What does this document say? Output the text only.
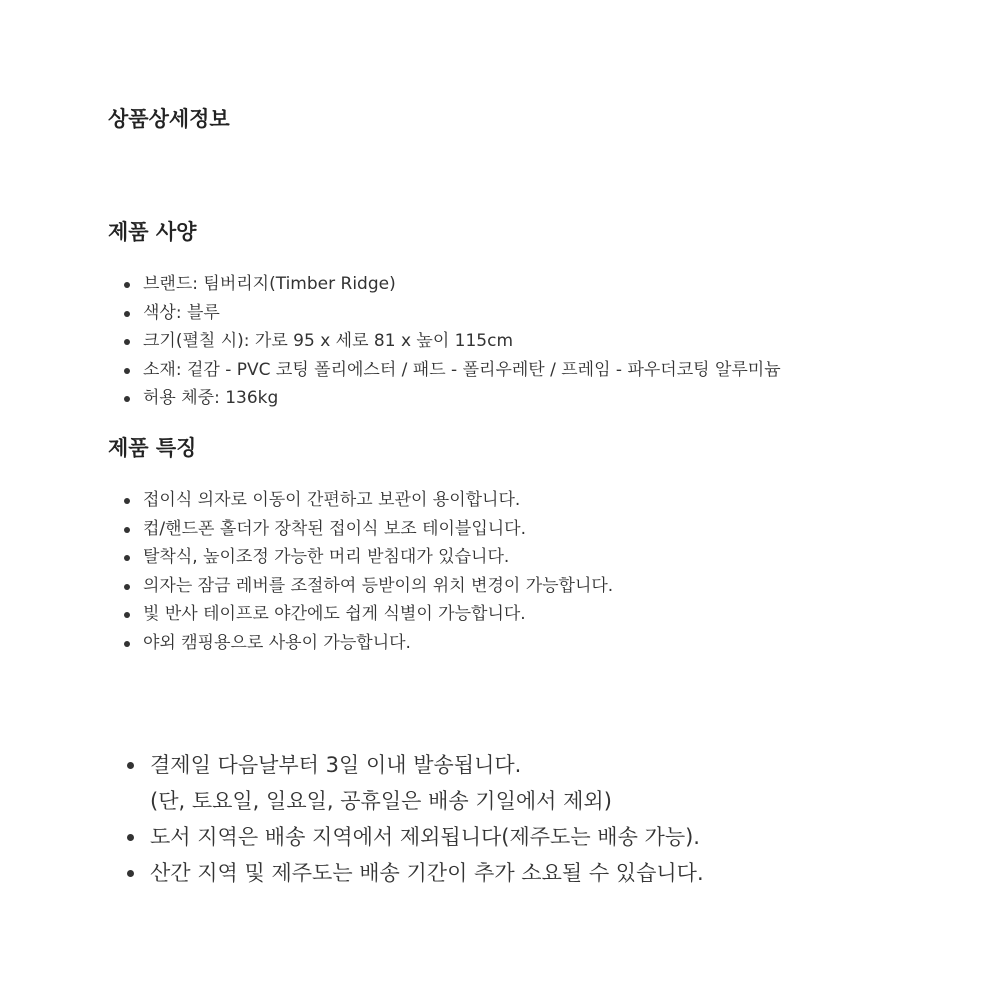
상품상세정보
제품 사양
브랜드: 팀버리지(Timber Ridge)
색상: 블루
크기(펼칠 시): 가로 95 x 세로 81 x 높이 115cm
소재: 겉감 - PVC 코팅 폴리에스터 / 패드 - 폴리우레탄 / 프레임 - 파우더코팅 알루미늄
허용 체중: 136kg
제품 특징
접이식 의자로 이동이 간편하고 보관이 용이합니다.
컵/핸드폰 홀더가 장착된 접이식 보조 테이블입니다.
탈착식, 높이조정 가능한 머리 받침대가 있습니다.
의자는 잠금 레버를 조절하여 등받이의 위치 변경이 가능합니다.
빛 반사 테이프로 야간에도 쉽게 식별이 가능합니다.
야외 캠핑용으로 사용이 가능합니다.
결제일 다음날부터 3일 이내 발송됩니다.
(단, 토요일, 일요일, 공휴일은 배송 기일에서 제외)
도서 지역은 배송 지역에서 제외됩니다(제주도는 배송 가능).
산간 지역 및 제주도는 배송 기간이 추가 소요될 수 있습니다.
